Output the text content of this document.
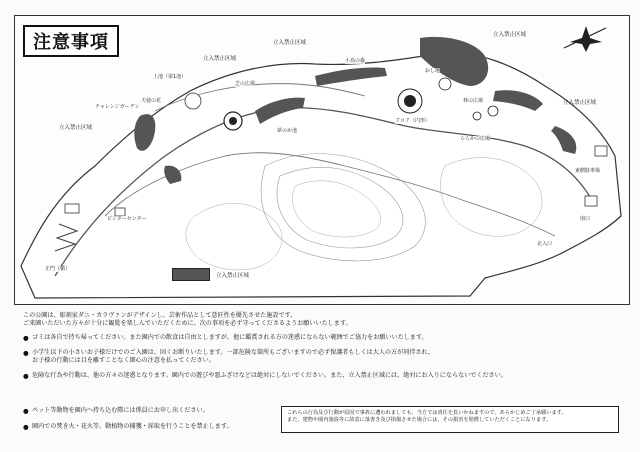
注意事項
立入禁止区域
立入禁止区域
立入禁止区域
立入禁止区域
立入禁止区域
上池（第1池）
天使の花
芝の広場
ビジターセンター
チャレンジガーデン
フロア（円形）
おし地
林の広場
東側駐車場
正門（楯）
南口
夢のか池
小鳥の森
ららかの広場
北入口
立入禁止区域

この公園は、彫刻家ダニ・カラヴァンがデザインし、芸術作品として意匠性を優先させた施設です。

ご来園いただいた方々が十分に観覧を楽しんでいただくために、次の事項を必ず守ってくださるようお願いいたします。

● ゴミは各自で持ち帰ってください。また園内での飲食は自由としますが、他に鑑賞される方の迷惑にならない範囲でご協力をお願いいたします。
● 小学生以下の小さいお子様だけでのご入園は、固くお断りいたします。一部危険な箇所もございますので必ず保護者もしくは大人の方が同伴され、
お子様の行動には目を離すことなく細心の注意を払ってください。
● 危険な行為や行動は、他の方々の迷惑となります。園内での遊びや悪ふざけなどは絶対にしないでください。また、立入禁止区域には、絶対にお入りにならないでください。
● ペット等動物を園内へ持ち込む際には係員にお申し出ください。
● 園内での焚き火・花火等、動植物の捕獲・採取を行うことを禁止します。
これらの行為及び行動が原因で事故に遭われましても、当方では責任を負いかねますので、あらかじめご了承願います。
また、建物や園内施設等に故意に落書き及び損傷させた場合には、その損害を賠償していただくことになります。
